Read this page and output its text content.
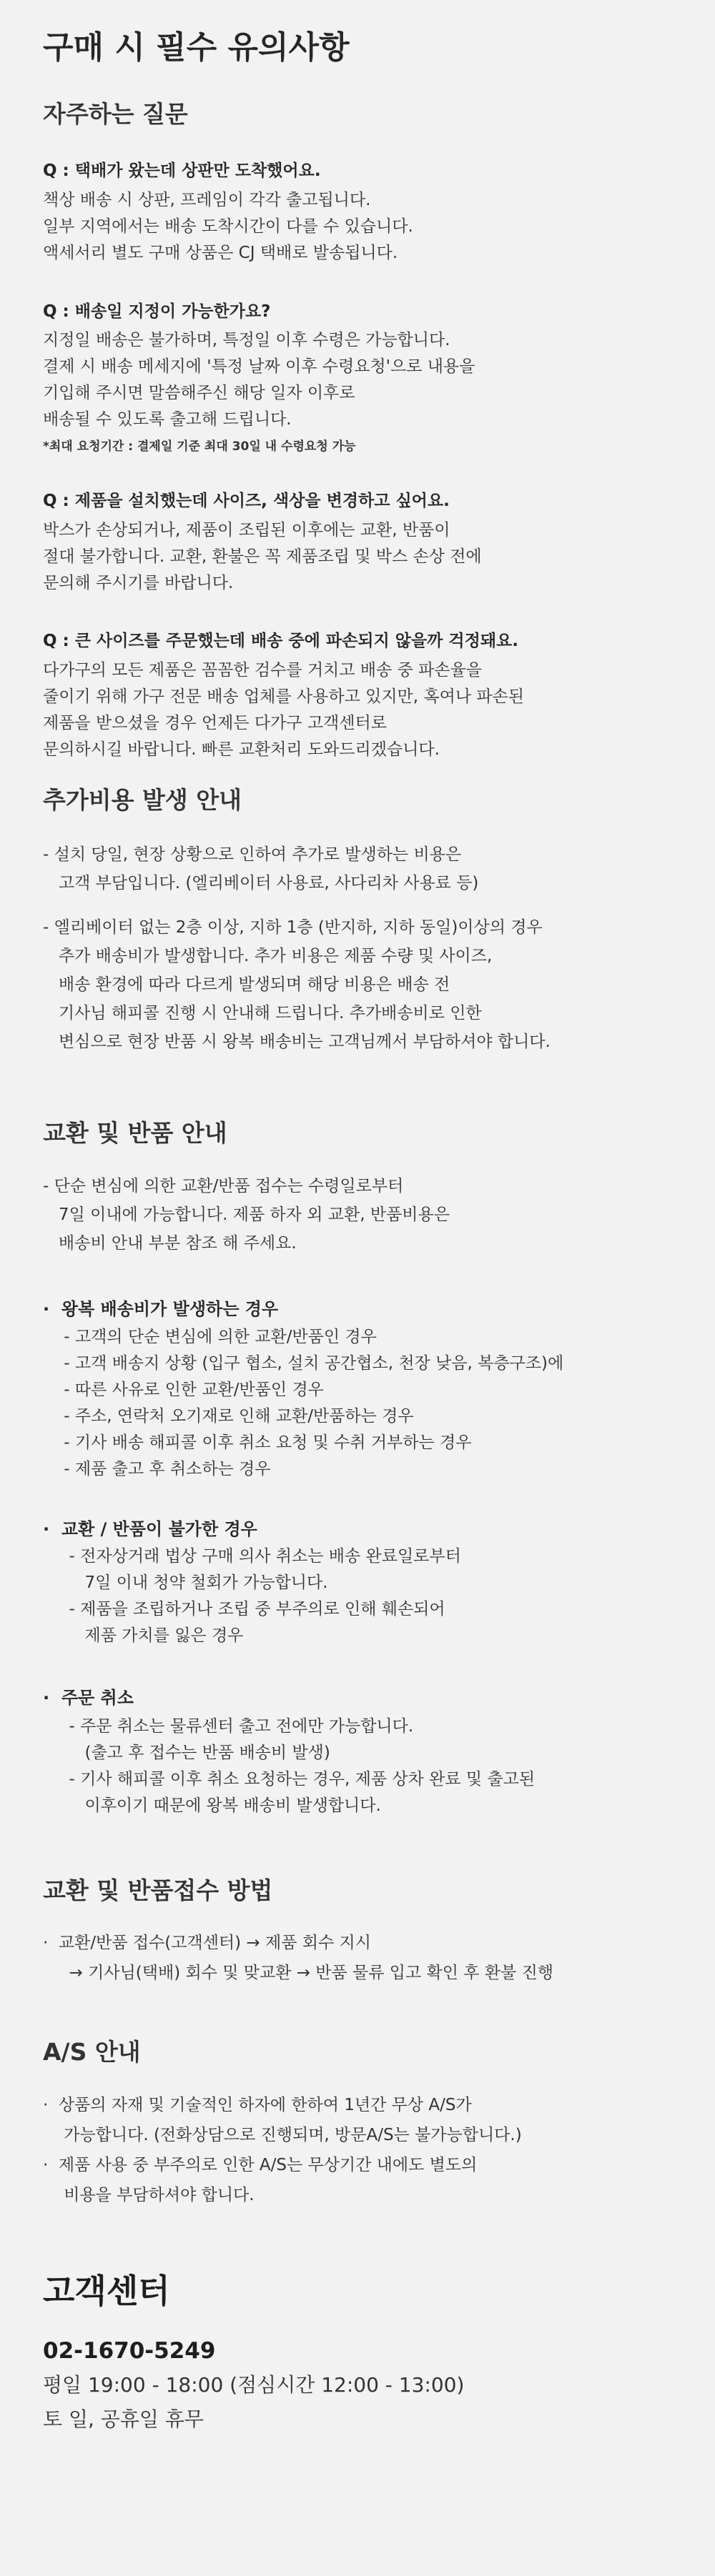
구매 시 필수 유의사항
자주하는 질문
Q : 택배가 왔는데 상판만 도착했어요.
책상 배송 시 상판, 프레임이 각각 출고됩니다.
일부 지역에서는 배송 도착시간이 다를 수 있습니다.
액세서리 별도 구매 상품은 CJ 택배로 발송됩니다.
Q : 배송일 지정이 가능한가요?
지정일 배송은 불가하며, 특정일 이후 수령은 가능합니다.
결제 시 배송 메세지에 '특정 날짜 이후 수령요청'으로 내용을
기입해 주시면 말씀해주신 해당 일자 이후로
배송될 수 있도록 출고해 드립니다.
*최대 요청기간 : 결제일 기준 최대 30일 내 수령요청 가능
Q : 제품을 설치했는데 사이즈, 색상을 변경하고 싶어요.
박스가 손상되거나, 제품이 조립된 이후에는 교환, 반품이
절대 불가합니다. 교환, 환불은 꼭 제품조립 및 박스 손상 전에
문의해 주시기를 바랍니다.
Q : 큰 사이즈를 주문했는데 배송 중에 파손되지 않을까 걱정돼요.
다가구의 모든 제품은 꼼꼼한 검수를 거치고 배송 중 파손율을
줄이기 위해 가구 전문 배송 업체를 사용하고 있지만, 혹여나 파손된
제품을 받으셨을 경우 언제든 다가구 고객센터로
문의하시길 바랍니다. 빠른 교환처리 도와드리겠습니다.
추가비용 발생 안내
- 설치 당일, 현장 상황으로 인하여 추가로 발생하는 비용은
고객 부담입니다. (엘리베이터 사용료, 사다리차 사용료 등)
- 엘리베이터 없는 2층 이상, 지하 1층 (반지하, 지하 동일)이상의 경우
추가 배송비가 발생합니다. 추가 비용은 제품 수량 및 사이즈,
배송 환경에 따라 다르게 발생되며 해당 비용은 배송 전
기사님 해피콜 진행 시 안내해 드립니다. 추가배송비로 인한
변심으로 현장 반품 시 왕복 배송비는 고객님께서 부담하셔야 합니다.
교환 및 반품 안내
- 단순 변심에 의한 교환/반품 접수는 수령일로부터
7일 이내에 가능합니다. 제품 하자 외 교환, 반품비용은
배송비 안내 부분 참조 해 주세요.
·  왕복 배송비가 발생하는 경우
- 고객의 단순 변심에 의한 교환/반품인 경우
- 고객 배송지 상황 (입구 협소, 설치 공간협소, 천장 낮음, 복층구조)에
- 따른 사유로 인한 교환/반품인 경우
- 주소, 연락처 오기재로 인해 교환/반품하는 경우
- 기사 배송 해피콜 이후 취소 요청 및 수취 거부하는 경우
- 제품 출고 후 취소하는 경우
·  교환 / 반품이 불가한 경우
- 전자상거래 법상 구매 의사 취소는 배송 완료일로부터
7일 이내 청약 철회가 가능합니다.
- 제품을 조립하거나 조립 중 부주의로 인해 훼손되어
제품 가치를 잃은 경우
·  주문 취소
- 주문 취소는 물류센터 출고 전에만 가능합니다.
(출고 후 접수는 반품 배송비 발생)
- 기사 해피콜 이후 취소 요청하는 경우, 제품 상차 완료 및 출고된
이후이기 때문에 왕복 배송비 발생합니다.
교환 및 반품접수 방법
·  교환/반품 접수(고객센터) → 제품 회수 지시
→ 기사님(택배) 회수 및 맞교환 → 반품 물류 입고 확인 후 환불 진행
A/S 안내
·  상품의 자재 및 기술적인 하자에 한하여 1년간 무상 A/S가
가능합니다. (전화상담으로 진행되며, 방문A/S는 불가능합니다.)
·  제품 사용 중 부주의로 인한 A/S는 무상기간 내에도 별도의
비용을 부담하셔야 합니다.
고객센터
02-1670-5249
평일 19:00 - 18:00 (점심시간 12:00 - 13:00)
토 일, 공휴일 휴무
